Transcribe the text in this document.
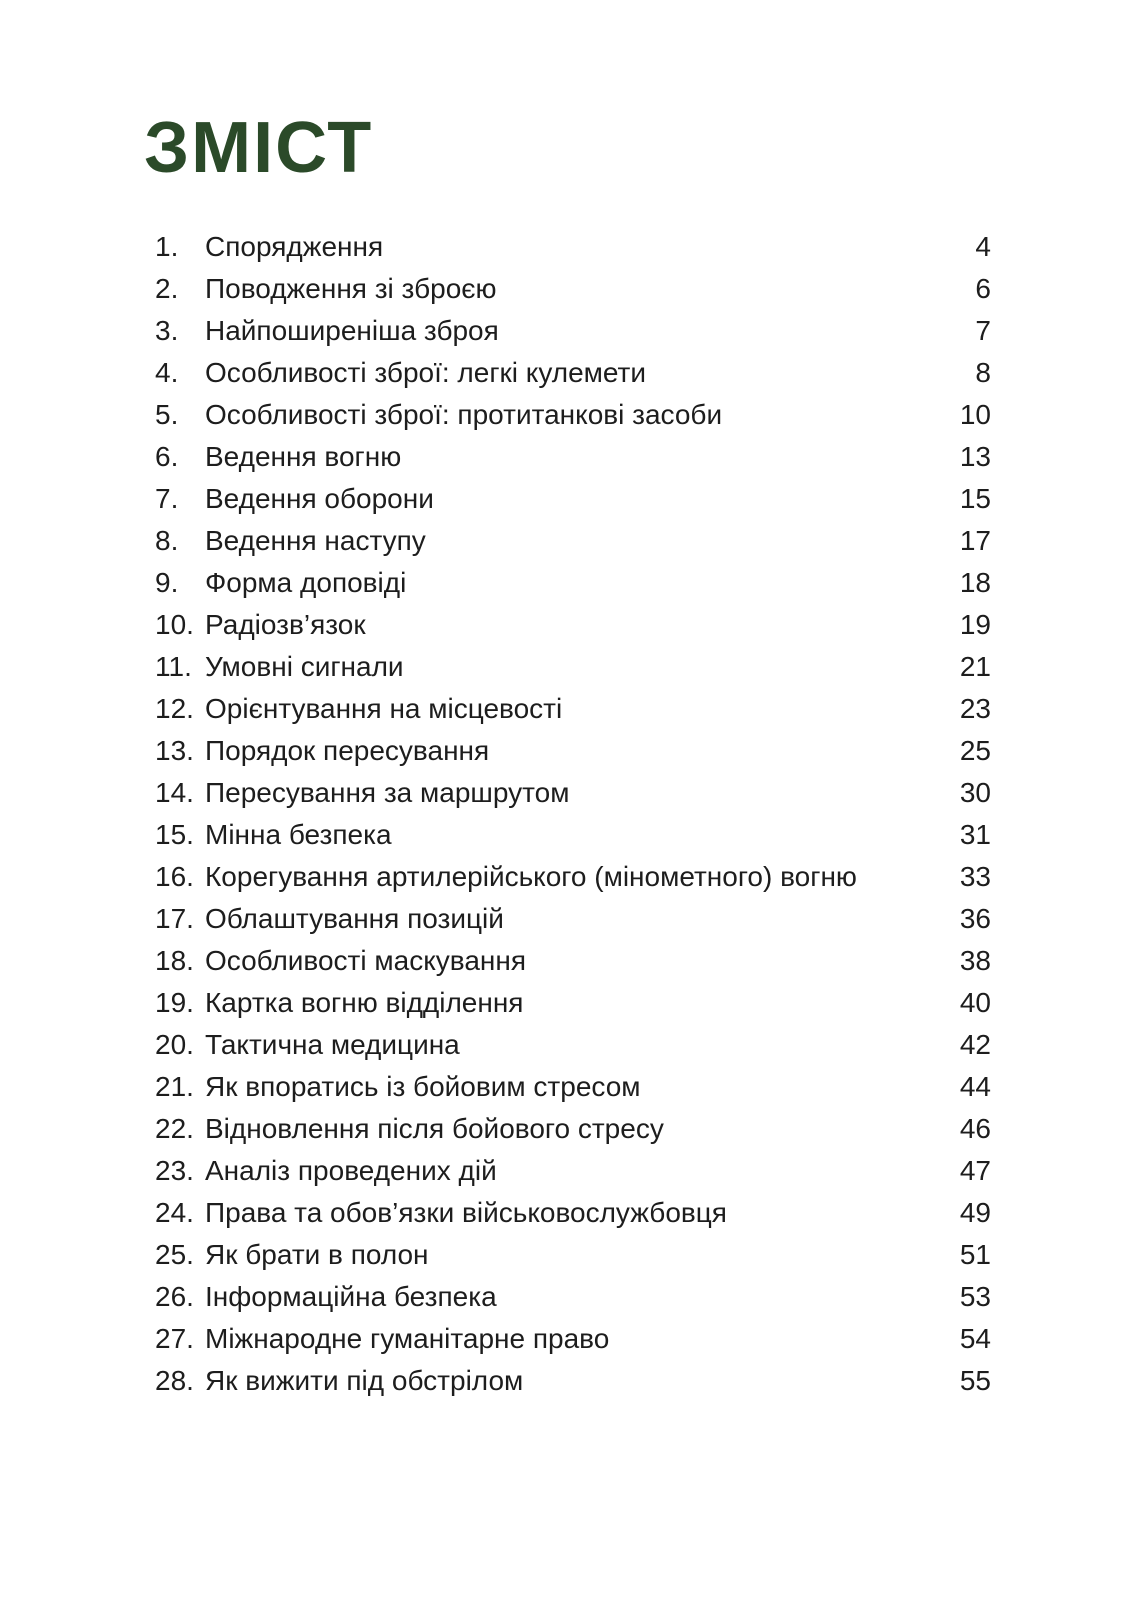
ЗМІСТ
1. Спорядження	4
2. Поводження зі зброєю	6
3. Найпоширеніша зброя	7
4. Особливості зброї: легкі кулемети	8
5. Особливості зброї: протитанкові засоби	10
6. Ведення вогню	13
7. Ведення оборони	15
8. Ведення наступу	17
9. Форма доповіді	18
10. Радіозв’язок	19
11. Умовні сигнали	21
12. Орієнтування на місцевості	23
13. Порядок пересування	25
14. Пересування за маршрутом	30
15. Мінна безпека	31
16. Корегування артилерійського (мінометного) вогню	33
17. Облаштування позицій	36
18. Особливості маскування	38
19. Картка вогню відділення	40
20. Тактична медицина	42
21. Як впоратись із бойовим стресом	44
22. Відновлення після бойового стресу	46
23. Аналіз проведених дій	47
24. Права та обов’язки військовослужбовця	49
25. Як брати в полон	51
26. Інформаційна безпека	53
27. Міжнародне гуманітарне право	54
28. Як вижити під обстрілом	55
